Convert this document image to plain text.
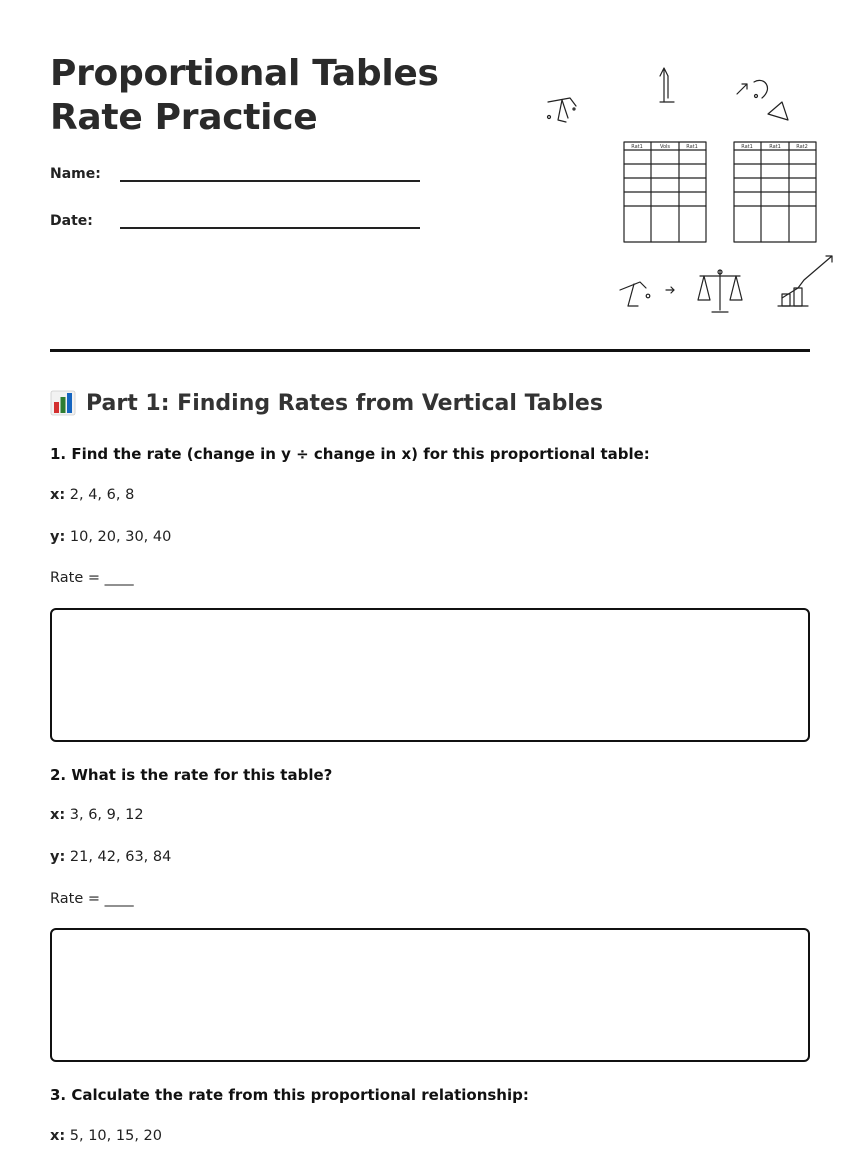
Proportional Tables
Rate Practice
Name:
Date:
Rat1	Vols	Rat1	Rat1	Rat1	Rat2
Part 1: Finding Rates from Vertical Tables
1. Find the rate (change in y ÷ change in x) for this proportional table:
x: 2, 4, 6, 8
y: 10, 20, 30, 40
Rate = ____
2. What is the rate for this table?
x: 3, 6, 9, 12
y: 21, 42, 63, 84
Rate = ____
3. Calculate the rate from this proportional relationship:
x: 5, 10, 15, 20
